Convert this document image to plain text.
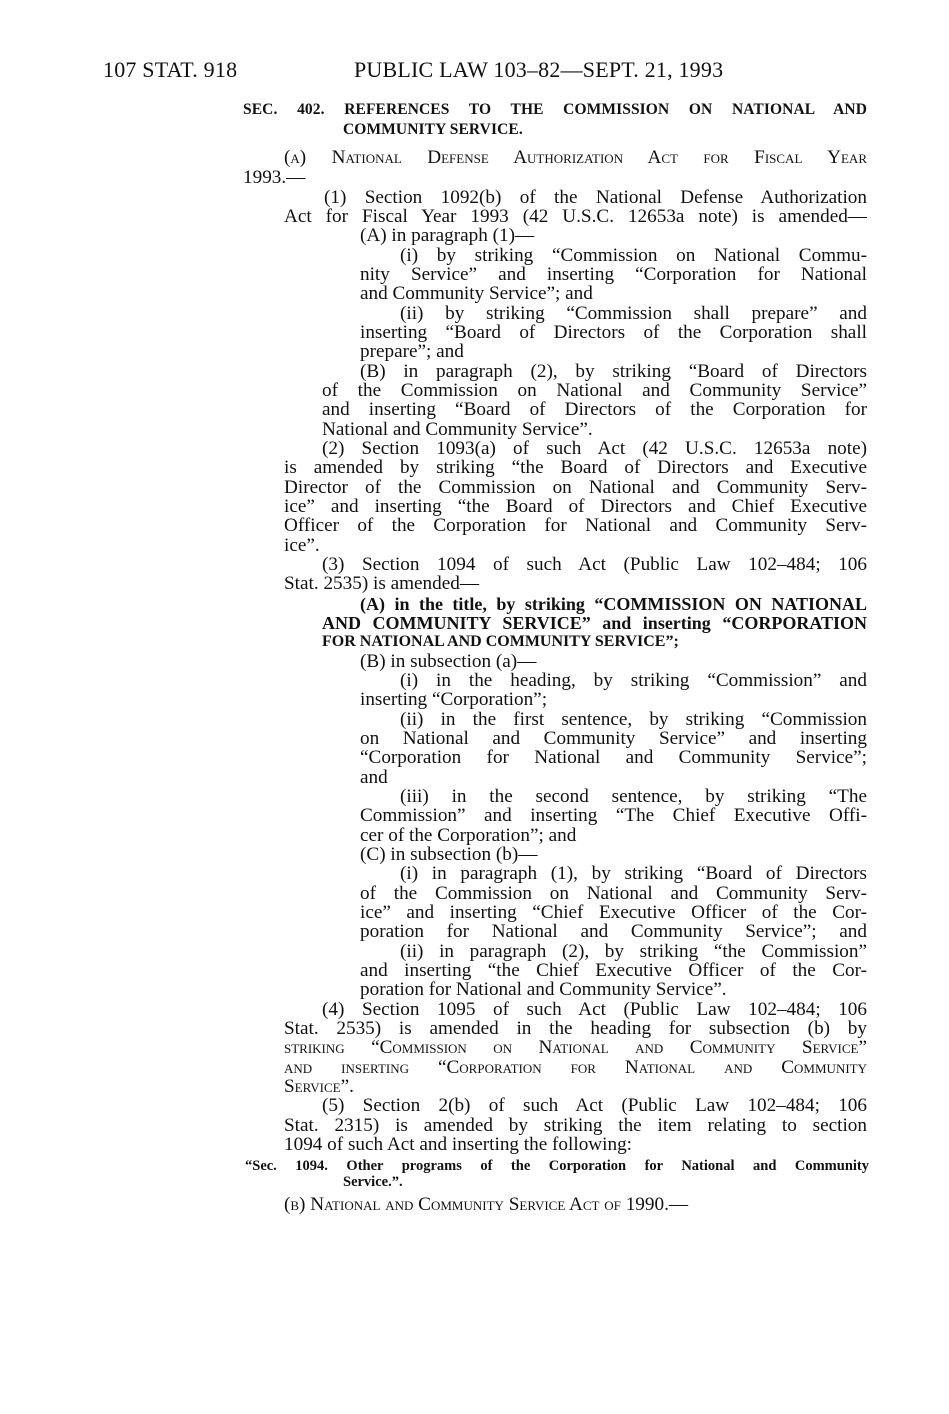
107 STAT. 918	PUBLIC LAW 103–82—SEPT. 21, 1993
SEC. 402. REFERENCES TO THE COMMISSION ON NATIONAL AND
COMMUNITY SERVICE.
(a) National Defense Authorization Act for Fiscal Year
1993.—
(1) Section 1092(b) of the National Defense Authorization
Act for Fiscal Year 1993 (42 U.S.C. 12653a note) is amended—
(A) in paragraph (1)—
(i) by striking “Commission on National Commu-
nity Service” and inserting “Corporation for National
and Community Service”; and
(ii) by striking “Commission shall prepare” and
inserting “Board of Directors of the Corporation shall
prepare”; and
(B) in paragraph (2), by striking “Board of Directors
of the Commission on National and Community Service”
and inserting “Board of Directors of the Corporation for
National and Community Service”.
(2) Section 1093(a) of such Act (42 U.S.C. 12653a note)
is amended by striking “the Board of Directors and Executive
Director of the Commission on National and Community Serv-
ice” and inserting “the Board of Directors and Chief Executive
Officer of the Corporation for National and Community Serv-
ice”.
(3) Section 1094 of such Act (Public Law 102–484; 106
Stat. 2535) is amended—
(A) in the title, by striking “COMMISSION ON NATIONAL
AND COMMUNITY SERVICE” and inserting “CORPORATION
FOR NATIONAL AND COMMUNITY SERVICE”;
(B) in subsection (a)—
(i) in the heading, by striking “Commission” and
inserting “Corporation”;
(ii) in the first sentence, by striking “Commission
on National and Community Service” and inserting
“Corporation for National and Community Service”;
and
(iii) in the second sentence, by striking “The
Commission” and inserting “The Chief Executive Offi-
cer of the Corporation”; and
(C) in subsection (b)—
(i) in paragraph (1), by striking “Board of Directors
of the Commission on National and Community Serv-
ice” and inserting “Chief Executive Officer of the Cor-
poration for National and Community Service”; and
(ii) in paragraph (2), by striking “the Commission”
and inserting “the Chief Executive Officer of the Cor-
poration for National and Community Service”.
(4) Section 1095 of such Act (Public Law 102–484; 106
Stat. 2535) is amended in the heading for subsection (b) by
striking “Commission on National and Community Service”
and inserting “Corporation for National and Community
Service”.
(5) Section 2(b) of such Act (Public Law 102–484; 106
Stat. 2315) is amended by striking the item relating to section
1094 of such Act and inserting the following:
“Sec. 1094. Other programs of the Corporation for National and Community
Service.”.
(b) National and Community Service Act of 1990.—
